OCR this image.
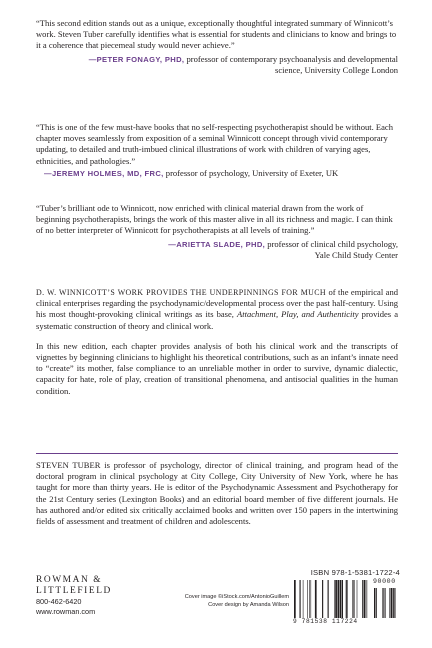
“This second edition stands out as a unique, exceptionally thoughtful integrated summary of Winnicott’s work. Steven Tuber carefully identifies what is essential for students and clinicians to know and brings to it a coherence that piecemeal study would never achieve.”

—PETER FONAGY, PHD, professor of contemporary psychoanalysis and developmental science, University College London

“This is one of the few must-have books that no self-respecting psychotherapist should be without. Each chapter moves seamlessly from exposition of a seminal Winnicott concept through vivid contemporary updating, to detailed and truth-imbued clinical illustrations of work with children of varying ages, ethnicities, and pathologies.”

—JEREMY HOLMES, MD, FRC, professor of psychology, University of Exeter, UK

“Tuber’s brilliant ode to Winnicott, now enriched with clinical material drawn from the work of beginning psychotherapists, brings the work of this master alive in all its richness and magic. I can think of no better interpreter of Winnicott for psychotherapists at all levels of training.”

—ARIETTA SLADE, PHD, professor of clinical child psychology,
Yale Child Study Center

D. W. WINNICOTT’S WORK PROVIDES THE UNDERPINNINGS FOR MUCH of the empirical and clinical enterprises regarding the psychodynamic/developmental process over the past half-century. Using his most thought-provoking clinical writings as its base, Attachment, Play, and Authenticity provides a systematic construction of theory and clinical work.

In this new edition, each chapter provides analysis of both his clinical work and the transcripts of vignettes by beginning clinicians to highlight his theoretical contributions, such as an infant’s innate need to “create” its mother, false compliance to an unreliable mother in order to survive, dynamic dialectic, capacity for hate, role of play, creation of transitional phenomena, and antisocial qualities in the human condition.

STEVEN TUBER is professor of psychology, director of clinical training, and program head of the doctoral program in clinical psychology at City College, City University of New York, where he has taught for more than thirty years. He is editor of the Psychodynamic Assessment and Psychotherapy for the 21st Century series (Lexington Books) and an editorial board member of five different journals. He has authored and/or edited six critically acclaimed books and written over 150 papers in the intertwining fields of assessment and treatment of children and adolescents.

ROWMAN &
LITTLEFIELD
800-462-6420
www.rowman.com
Cover image ©iStock.com/AntonioGuillem
Cover design by Amanda Wilson
ISBN 978-1-5381-1722-4
90000
9 781538 117224
